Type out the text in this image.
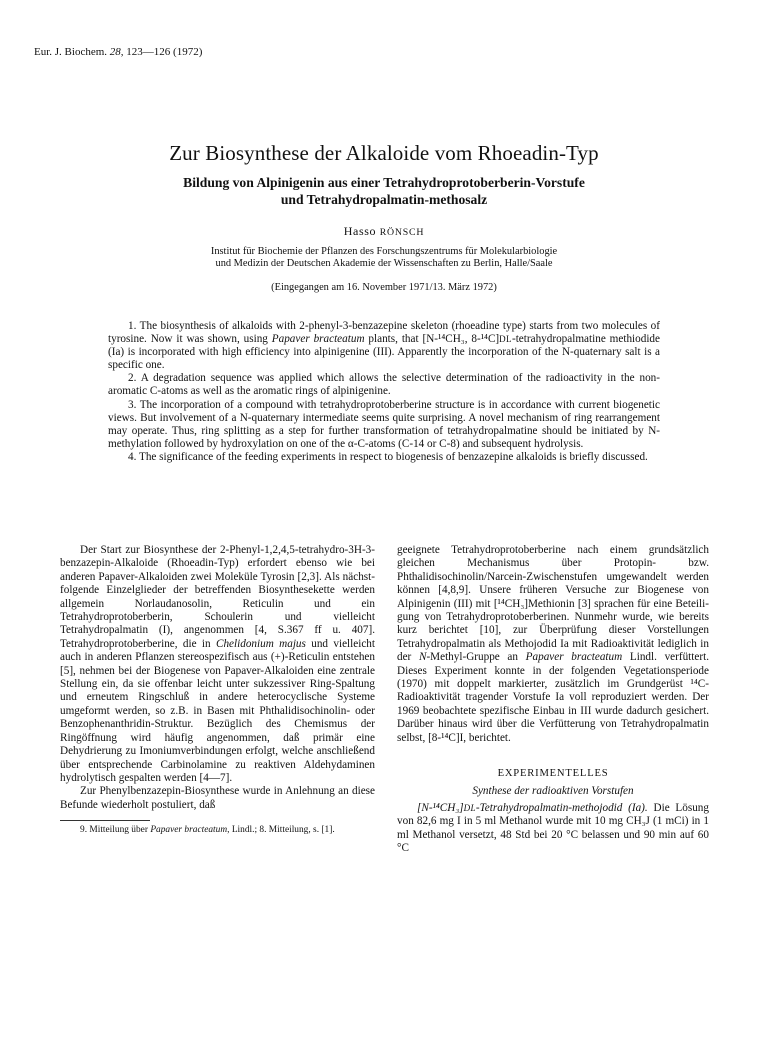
Eur. J. Biochem. 28, 123—126 (1972)
Zur Biosynthese der Alkaloide vom Rhoeadin-Typ
Bildung von Alpinigenin aus einer Tetrahydroprotoberberin-Vorstufe
und Tetrahydropalmatin-methosalz
Hasso RÖNSCH
Institut für Biochemie der Pflanzen des Forschungszentrums für Molekularbiologie
und Medizin der Deutschen Akademie der Wissenschaften zu Berlin, Halle/Saale
(Eingegangen am 16. November 1971/13. März 1972)

1. The biosynthesis of alkaloids with 2-phenyl-3-benzazepine skeleton (rhoeadine type) starts from two molecules of tyrosine. Now it was shown, using Papaver bracteatum plants, that [N-¹⁴CH₃, 8-¹⁴C]DL-tetrahydropalmatine methiodide (Ia) is incorporated with high efficiency into alpinigenine (III). Apparently the incorporation of the N-quaternary salt is a specific one.

2. A degradation sequence was applied which allows the selective determination of the radioactivity in the non-aromatic C-atoms as well as the aromatic rings of alpinigenine.

3. The incorporation of a compound with tetrahydroprotoberberine structure is in accordance with current biogenetic views. But involvement of a N-quaternary intermediate seems quite surprising. A novel mechanism of ring rearrangement may operate. Thus, ring splitting as a step for further transformation of tetrahydropalmatine should be initiated by N-methylation followed by hydroxylation on one of the α-C-atoms (C-14 or C-8) and subsequent hydrolysis.

4. The significance of the feeding experiments in respect to biogenesis of benzazepine alkaloids is briefly discussed.

Der Start zur Biosynthese der 2-Phenyl-1,2,4,5-tetrahydro-3H-3-benzazepin-Alkaloide (Rhoeadin-Typ) erfordert ebenso wie bei anderen Papaver-Alkaloiden zwei Moleküle Tyrosin [2,3]. Als nächstfolgende Einzelglieder der betreffenden Biosynthesekette werden allgemein Norlaudanosolin, Reticulin und ein Tetrahydroprotoberberin, Schoulerin und vielleicht Tetrahydropalmatin (I), angenommen [4, S.367 ff u. 407]. Tetrahydroprotoberberine, die in Chelidonium majus und vielleicht auch in anderen Pflanzen stereospezifisch aus (+)-Reticulin entstehen [5], nehmen bei der Biogenese von Papaver-Alkaloiden eine zentrale Stellung ein, da sie offenbar leicht unter sukzessiver Ring-Spaltung und erneutem Ringschluß in andere heterocyclische Systeme umgeformt werden, so z.B. in Basen mit Phthalidisochinolin- oder Benzophenanthridin-Struktur. Bezüglich des Chemismus der Ringöffnung wird häufig angenommen, daß primär eine Dehydrierung zu Imoniumverbindungen erfolgt, welche anschließend über entsprechende Carbinolamine zu reaktiven Aldehydaminen hydrolytisch gespalten werden [4—7].

Zur Phenylbenzazepin-Biosynthese wurde in Anlehnung an diese Befunde wiederholt postuliert, daß

9. Mitteilung über Papaver bracteatum, Lindl.; 8. Mitteilung, s. [1].

geeignete Tetrahydroprotoberberine nach einem grundsätzlich gleichen Mechanismus über Protopin- bzw. Phthalidisochinolin/Narcein-Zwischenstufen umgewandelt werden können [4,8,9]. Unsere früheren Versuche zur Biogenese von Alpinigenin (III) mit [¹⁴CH₃]Methionin [3] sprachen für eine Beteiligung von Tetrahydroprotoberberinen. Nunmehr wurde, wie bereits kurz berichtet [10], zur Überprüfung dieser Vorstellungen Tetrahydropalmatin als Methojodid Ia mit Radioaktivität lediglich in der N-Methyl-Gruppe an Papaver bracteatum Lindl. verfüttert. Dieses Experiment konnte in der folgenden Vegetationsperiode (1970) mit doppelt markierter, zusätzlich im Grundgerüst ¹⁴C-Radioaktivität tragender Vorstufe Ia voll reproduziert werden. Der 1969 beobachtete spezifische Einbau in III wurde dadurch gesichert. Darüber hinaus wird über die Verfütterung von Tetrahydropalmatin selbst, [8-¹⁴C]I, berichtet.

EXPERIMENTELLES
Synthese der radioaktiven Vorstufen

[N-¹⁴CH₃]DL-Tetrahydropalmatin-methojodid (Ia). Die Lösung von 82,6 mg I in 5 ml Methanol wurde mit 10 mg CH₃J (1 mCi) in 1 ml Methanol versetzt, 48 Std bei 20 °C belassen und 90 min auf 60 °C
